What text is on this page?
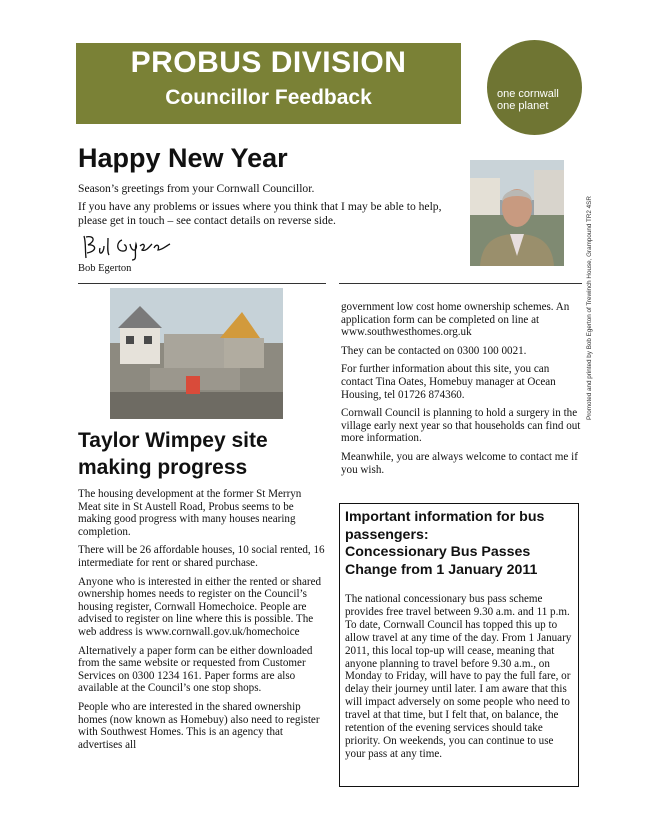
PROBUS DIVISION
Councillor Feedback	one cornwall
one planet
Happy New Year

Season’s greetings from your Cornwall Councillor.

If you have any problems or issues where you think that I may be able to help, please get in touch – see contact details on reverse side.

Bob Egerton	Promoted and printed by Bob Egerton of Trewinch House, Grampound TR2 4SR
Taylor Wimpey site making progress

The housing development at the former St Merryn Meat site in St Austell Road, Probus seems to be making good progress with many houses nearing completion.

There will be 26 affordable houses, 10 social rented, 16 intermediate for rent or shared purchase.

Anyone who is interested in either the rented or shared ownership homes needs to register on the Council’s housing register, Cornwall Homechoice. People are advised to register on line where this is possible. The web address is www.cornwall.gov.uk/homechoice

Alternatively a paper form can be either downloaded from the same website or requested from Customer Services on 0300 1234 161. Paper forms are also available at the Council’s one stop shops.

People who are interested in the shared ownership homes (now known as Homebuy) also need to register with Southwest Homes. This is an agency that advertises all

government low cost home ownership schemes. An application form can be completed on line at www.southwesthomes.org.uk

They can be contacted on 0300 100 0021.

For further information about this site, you can contact Tina Oates, Homebuy manager at Ocean Housing, tel 01726 874360.

Cornwall Council is planning to hold a surgery in the village early next year so that households can find out more information.

Meanwhile, you are always welcome to contact me if you wish.

Important information for bus passengers:
Concessionary Bus Passes Change from 1 January 2011
The national concessionary bus pass scheme provides free travel between 9.30 a.m. and 11 p.m. To date, Cornwall Council has topped this up to allow travel at any time of the day. From 1 January 2011, this local top-up will cease, meaning that anyone planning to travel before 9.30 a.m., on Monday to Friday, will have to pay the full fare, or delay their journey until later. I am aware that this will impact adversely on some people who need to travel at that time, but I felt that, on balance, the retention of the evening services should take priority. On weekends, you can continue to use your pass at any time.
